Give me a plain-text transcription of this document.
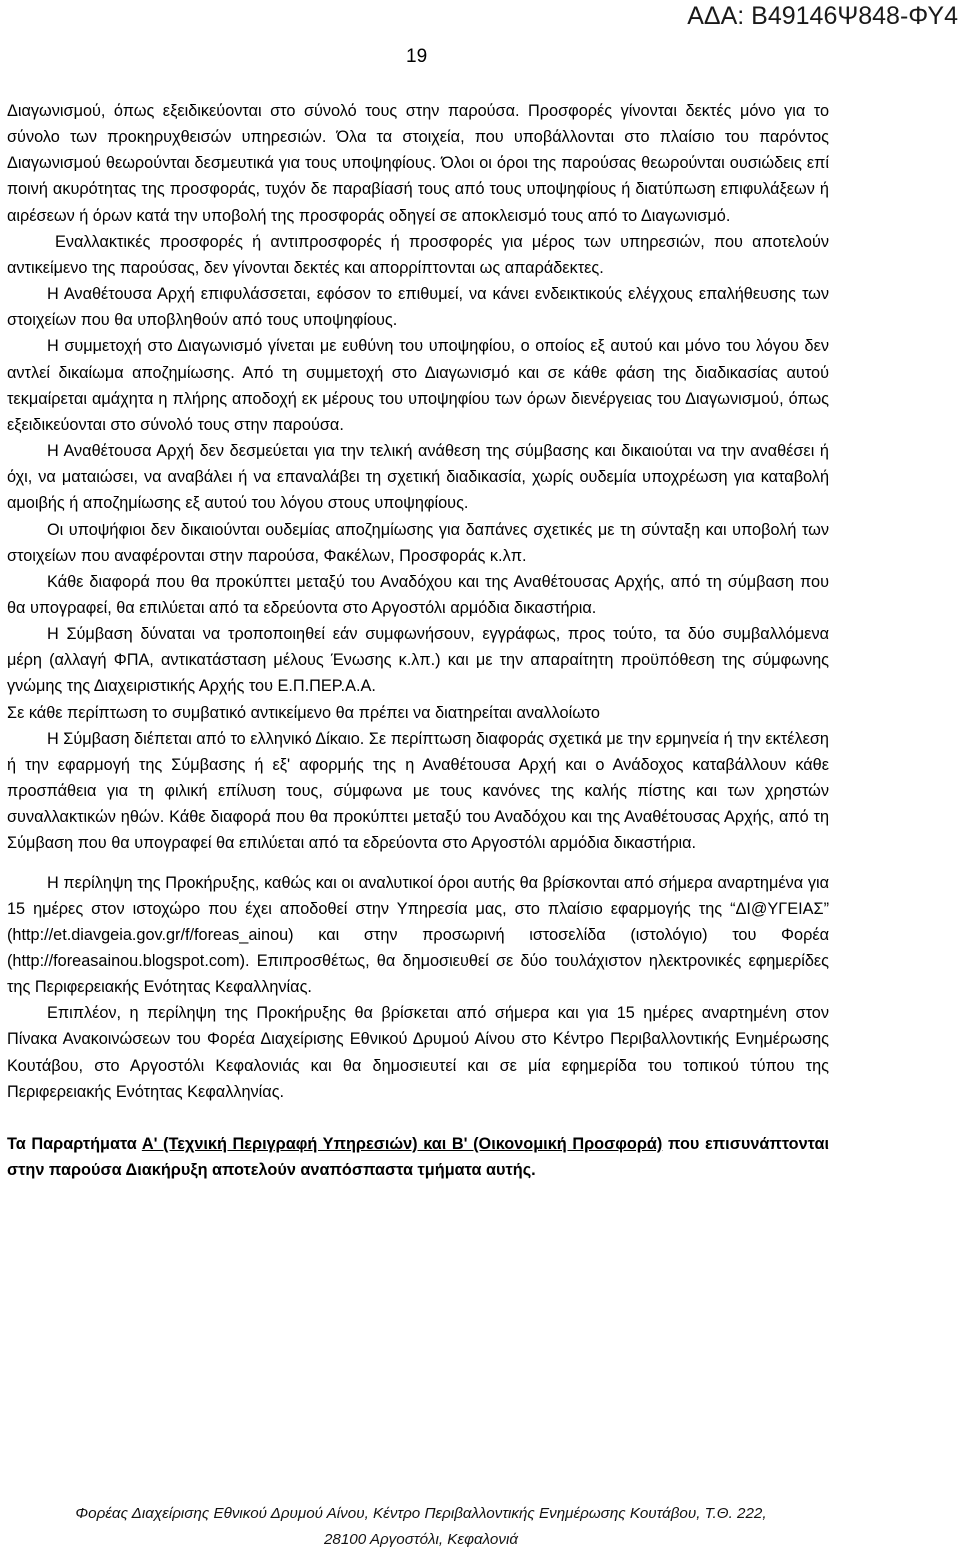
ΑΔΑ: Β49146Ψ848-ΦΥ4
19

Διαγωνισμού, όπως εξειδικεύονται στο σύνολό τους στην παρούσα. Προσφορές γίνονται δεκτές μόνο για το σύνολο των προκηρυχθεισών υπηρεσιών. Όλα τα στοιχεία, που υποβάλλονται στο πλαίσιο του παρόντος Διαγωνισμού θεωρούνται δεσμευτικά για τους υποψηφίους. Όλοι οι όροι της παρούσας θεωρούνται ουσιώδεις επί ποινή ακυρότητας της προσφοράς, τυχόν δε παραβίασή τους από τους υποψηφίους ή διατύπωση επιφυλάξεων ή αιρέσεων ή όρων κατά την υποβολή της προσφοράς οδηγεί σε αποκλεισμό τους από το Διαγωνισμό.

Εναλλακτικές προσφορές ή αντιπροσφορές ή προσφορές για μέρος των υπηρεσιών, που αποτελούν αντικείμενο της παρούσας, δεν γίνονται δεκτές και απορρίπτονται ως απαράδεκτες.

Η Αναθέτουσα Αρχή επιφυλάσσεται, εφόσον το επιθυμεί, να κάνει ενδεικτικούς ελέγχους επαλήθευσης των στοιχείων που θα υποβληθούν από τους υποψηφίους.

Η συμμετοχή στο Διαγωνισμό γίνεται με ευθύνη του υποψηφίου, ο οποίος εξ αυτού και μόνο του λόγου δεν αντλεί δικαίωμα αποζημίωσης. Από τη συμμετοχή στο Διαγωνισμό και σε κάθε φάση της διαδικασίας αυτού τεκμαίρεται αμάχητα η πλήρης αποδοχή εκ μέρους του υποψηφίου των όρων διενέργειας του Διαγωνισμού, όπως εξειδικεύονται στο σύνολό τους στην παρούσα.

Η Αναθέτουσα Αρχή δεν δεσμεύεται για την τελική ανάθεση της σύμβασης και δικαιούται να την αναθέσει ή όχι, να ματαιώσει, να αναβάλει ή να επαναλάβει τη σχετική διαδικασία, χωρίς ουδεμία υποχρέωση για καταβολή αμοιβής ή αποζημίωσης εξ αυτού του λόγου στους υποψηφίους.

Οι υποψήφιοι δεν δικαιούνται ουδεμίας αποζημίωσης για δαπάνες σχετικές με τη σύνταξη και υποβολή των στοιχείων που αναφέρονται στην παρούσα, Φακέλων, Προσφοράς κ.λπ.

Κάθε διαφορά που θα προκύπτει μεταξύ του Αναδόχου και της Αναθέτουσας Αρχής, από τη σύμβαση που θα υπογραφεί, θα επιλύεται από τα εδρεύοντα στο Αργοστόλι αρμόδια δικαστήρια.

Η Σύμβαση δύναται να τροποποιηθεί εάν συμφωνήσουν, εγγράφως, προς τούτο, τα δύο συμβαλλόμενα μέρη (αλλαγή ΦΠΑ, αντικατάσταση μέλους Ένωσης κ.λπ.) και με την απαραίτητη προϋπόθεση της σύμφωνης γνώμης της Διαχειριστικής Αρχής του Ε.Π.ΠΕΡ.Α.Α.

Σε κάθε περίπτωση το συμβατικό αντικείμενο θα πρέπει να διατηρείται αναλλοίωτο

Η Σύμβαση διέπεται από το ελληνικό Δίκαιο. Σε περίπτωση διαφοράς σχετικά με την ερμηνεία ή την εκτέλεση ή την εφαρμογή της Σύμβασης ή εξ' αφορμής της η Αναθέτουσα Αρχή και ο Ανάδοχος καταβάλλουν κάθε προσπάθεια για τη φιλική επίλυση τους, σύμφωνα με τους κανόνες της καλής πίστης και των χρηστών συναλλακτικών ηθών. Κάθε διαφορά που θα προκύπτει μεταξύ του Αναδόχου και της Αναθέτουσας Αρχής, από τη Σύμβαση που θα υπογραφεί θα επιλύεται από τα εδρεύοντα στο Αργοστόλι αρμόδια δικαστήρια.

Η περίληψη της Προκήρυξης, καθώς και οι αναλυτικοί όροι αυτής θα βρίσκονται από σήμερα αναρτημένα για 15 ημέρες στον ιστοχώρο που έχει αποδοθεί στην Υπηρεσία μας, στο πλαίσιο εφαρμογής της “ΔΙ@ΥΓΕΙΑΣ” (http://et.diavgeia.gov.gr/f/foreas_ainou) και στην προσωρινή ιστοσελίδα (ιστολόγιο) του Φορέα (http://foreasainou.blogspot.com). Επιπροσθέτως, θα δημοσιευθεί σε δύο τουλάχιστον ηλεκτρονικές εφημερίδες της Περιφερειακής Ενότητας Κεφαλληνίας.

Επιπλέον, η περίληψη της Προκήρυξης θα βρίσκεται από σήμερα και για 15 ημέρες αναρτημένη στον Πίνακα Ανακοινώσεων του Φορέα Διαχείρισης Εθνικού Δρυμού Αίνου στο Κέντρο Περιβαλλοντικής Ενημέρωσης Κουτάβου, στο Αργοστόλι Κεφαλονιάς και θα δημοσιευτεί και σε μία εφημερίδα του τοπικού τύπου της Περιφερειακής Ενότητας Κεφαλληνίας.

Τα Παραρτήματα Α' (Τεχνική Περιγραφή Υπηρεσιών) και Β' (Οικονομική Προσφορά) που επισυνάπτονται στην παρούσα Διακήρυξη αποτελούν αναπόσπαστα τμήματα αυτής.

Φορέας Διαχείρισης Εθνικού Δρυμού Αίνου, Κέντρο Περιβαλλοντικής Ενημέρωσης Κουτάβου, Τ.Θ. 222,
28100 Αργοστόλι, Κεφαλονιά
